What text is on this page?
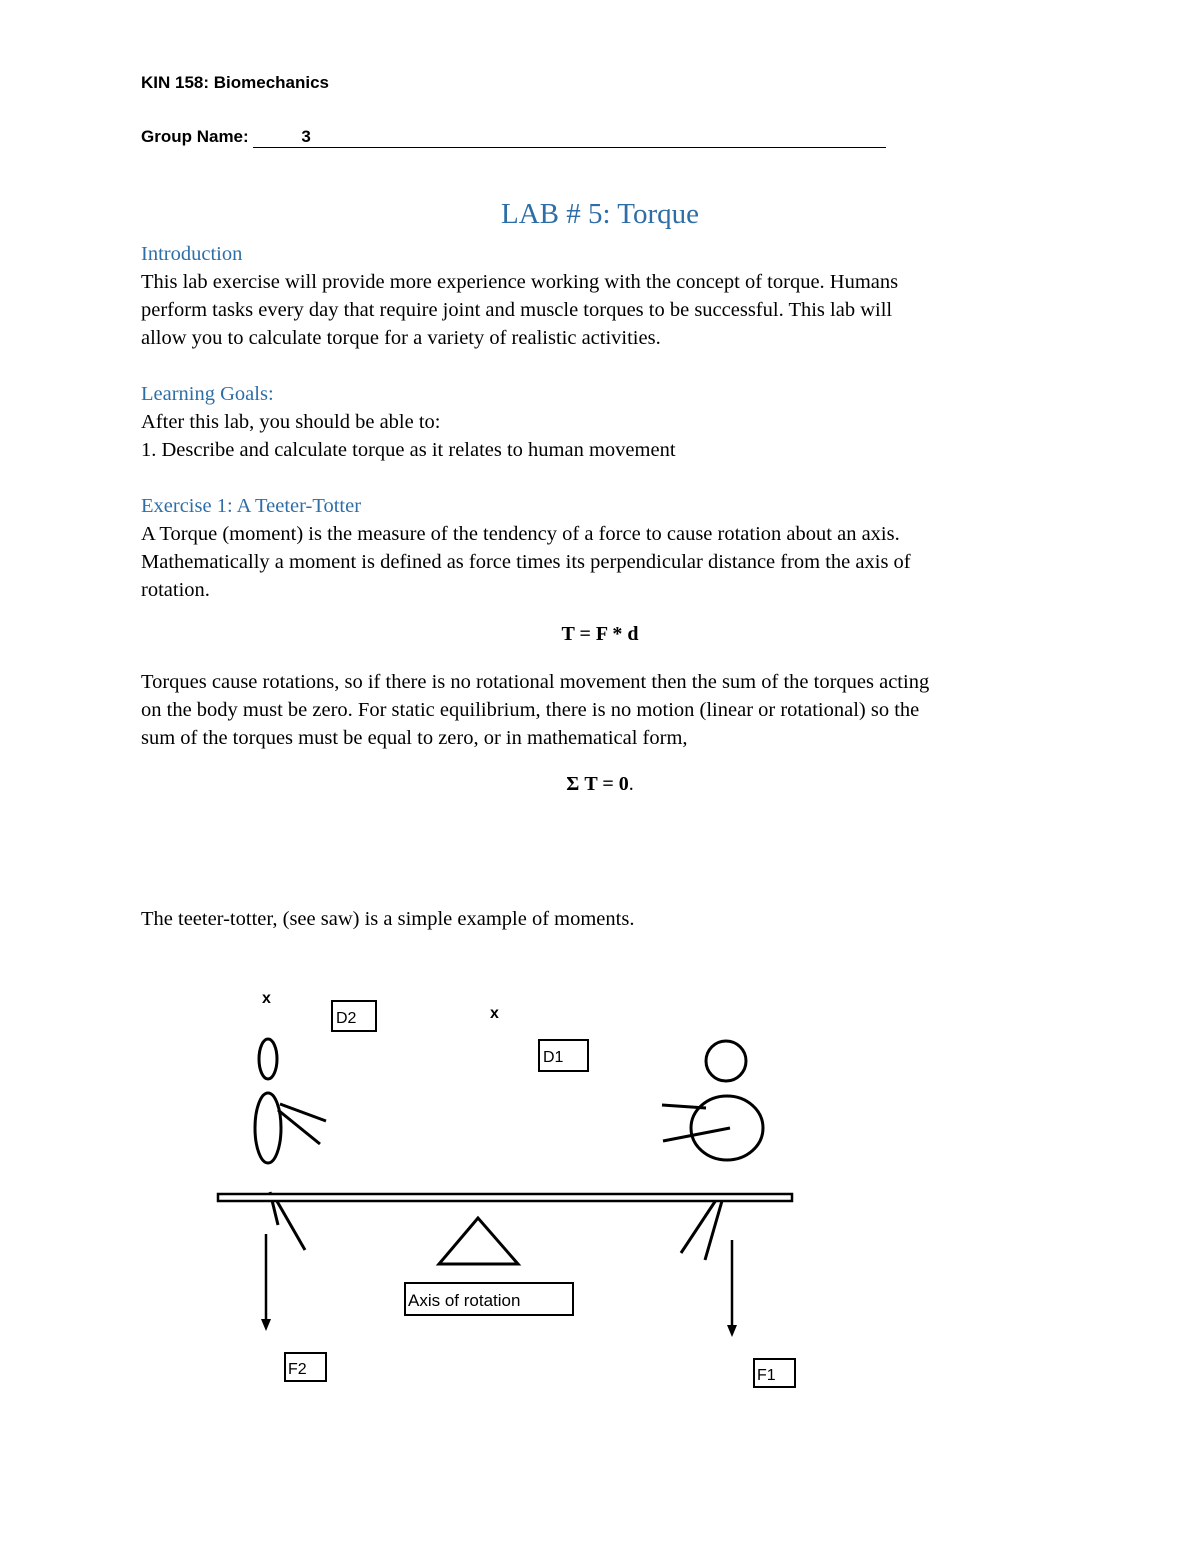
KIN 158: Biomechanics
Group Name:	3
LAB # 5: Torque
Introduction
This lab exercise will provide more experience working with the concept of torque. Humans
perform tasks every day that require joint and muscle torques to be successful. This lab will
allow you to calculate torque for a variety of realistic activities.
Learning Goals:
After this lab, you should be able to:
1. Describe and calculate torque as it relates to human movement
Exercise 1: A Teeter-Totter
A Torque (moment) is the measure of the tendency of a force to cause rotation about an axis.
Mathematically a moment is defined as force times its perpendicular distance from the axis of
rotation.
T = F * d
Torques cause rotations, so if there is no rotational movement then the sum of the torques acting
on the body must be zero. For static equilibrium, there is no motion (linear or rotational) so the
sum of the torques must be equal to zero, or in mathematical form,
Σ T = 0.
The teeter-totter, (see saw) is a simple example of moments.
x
D2	x
D1
Axis of rotation
F2	F1
